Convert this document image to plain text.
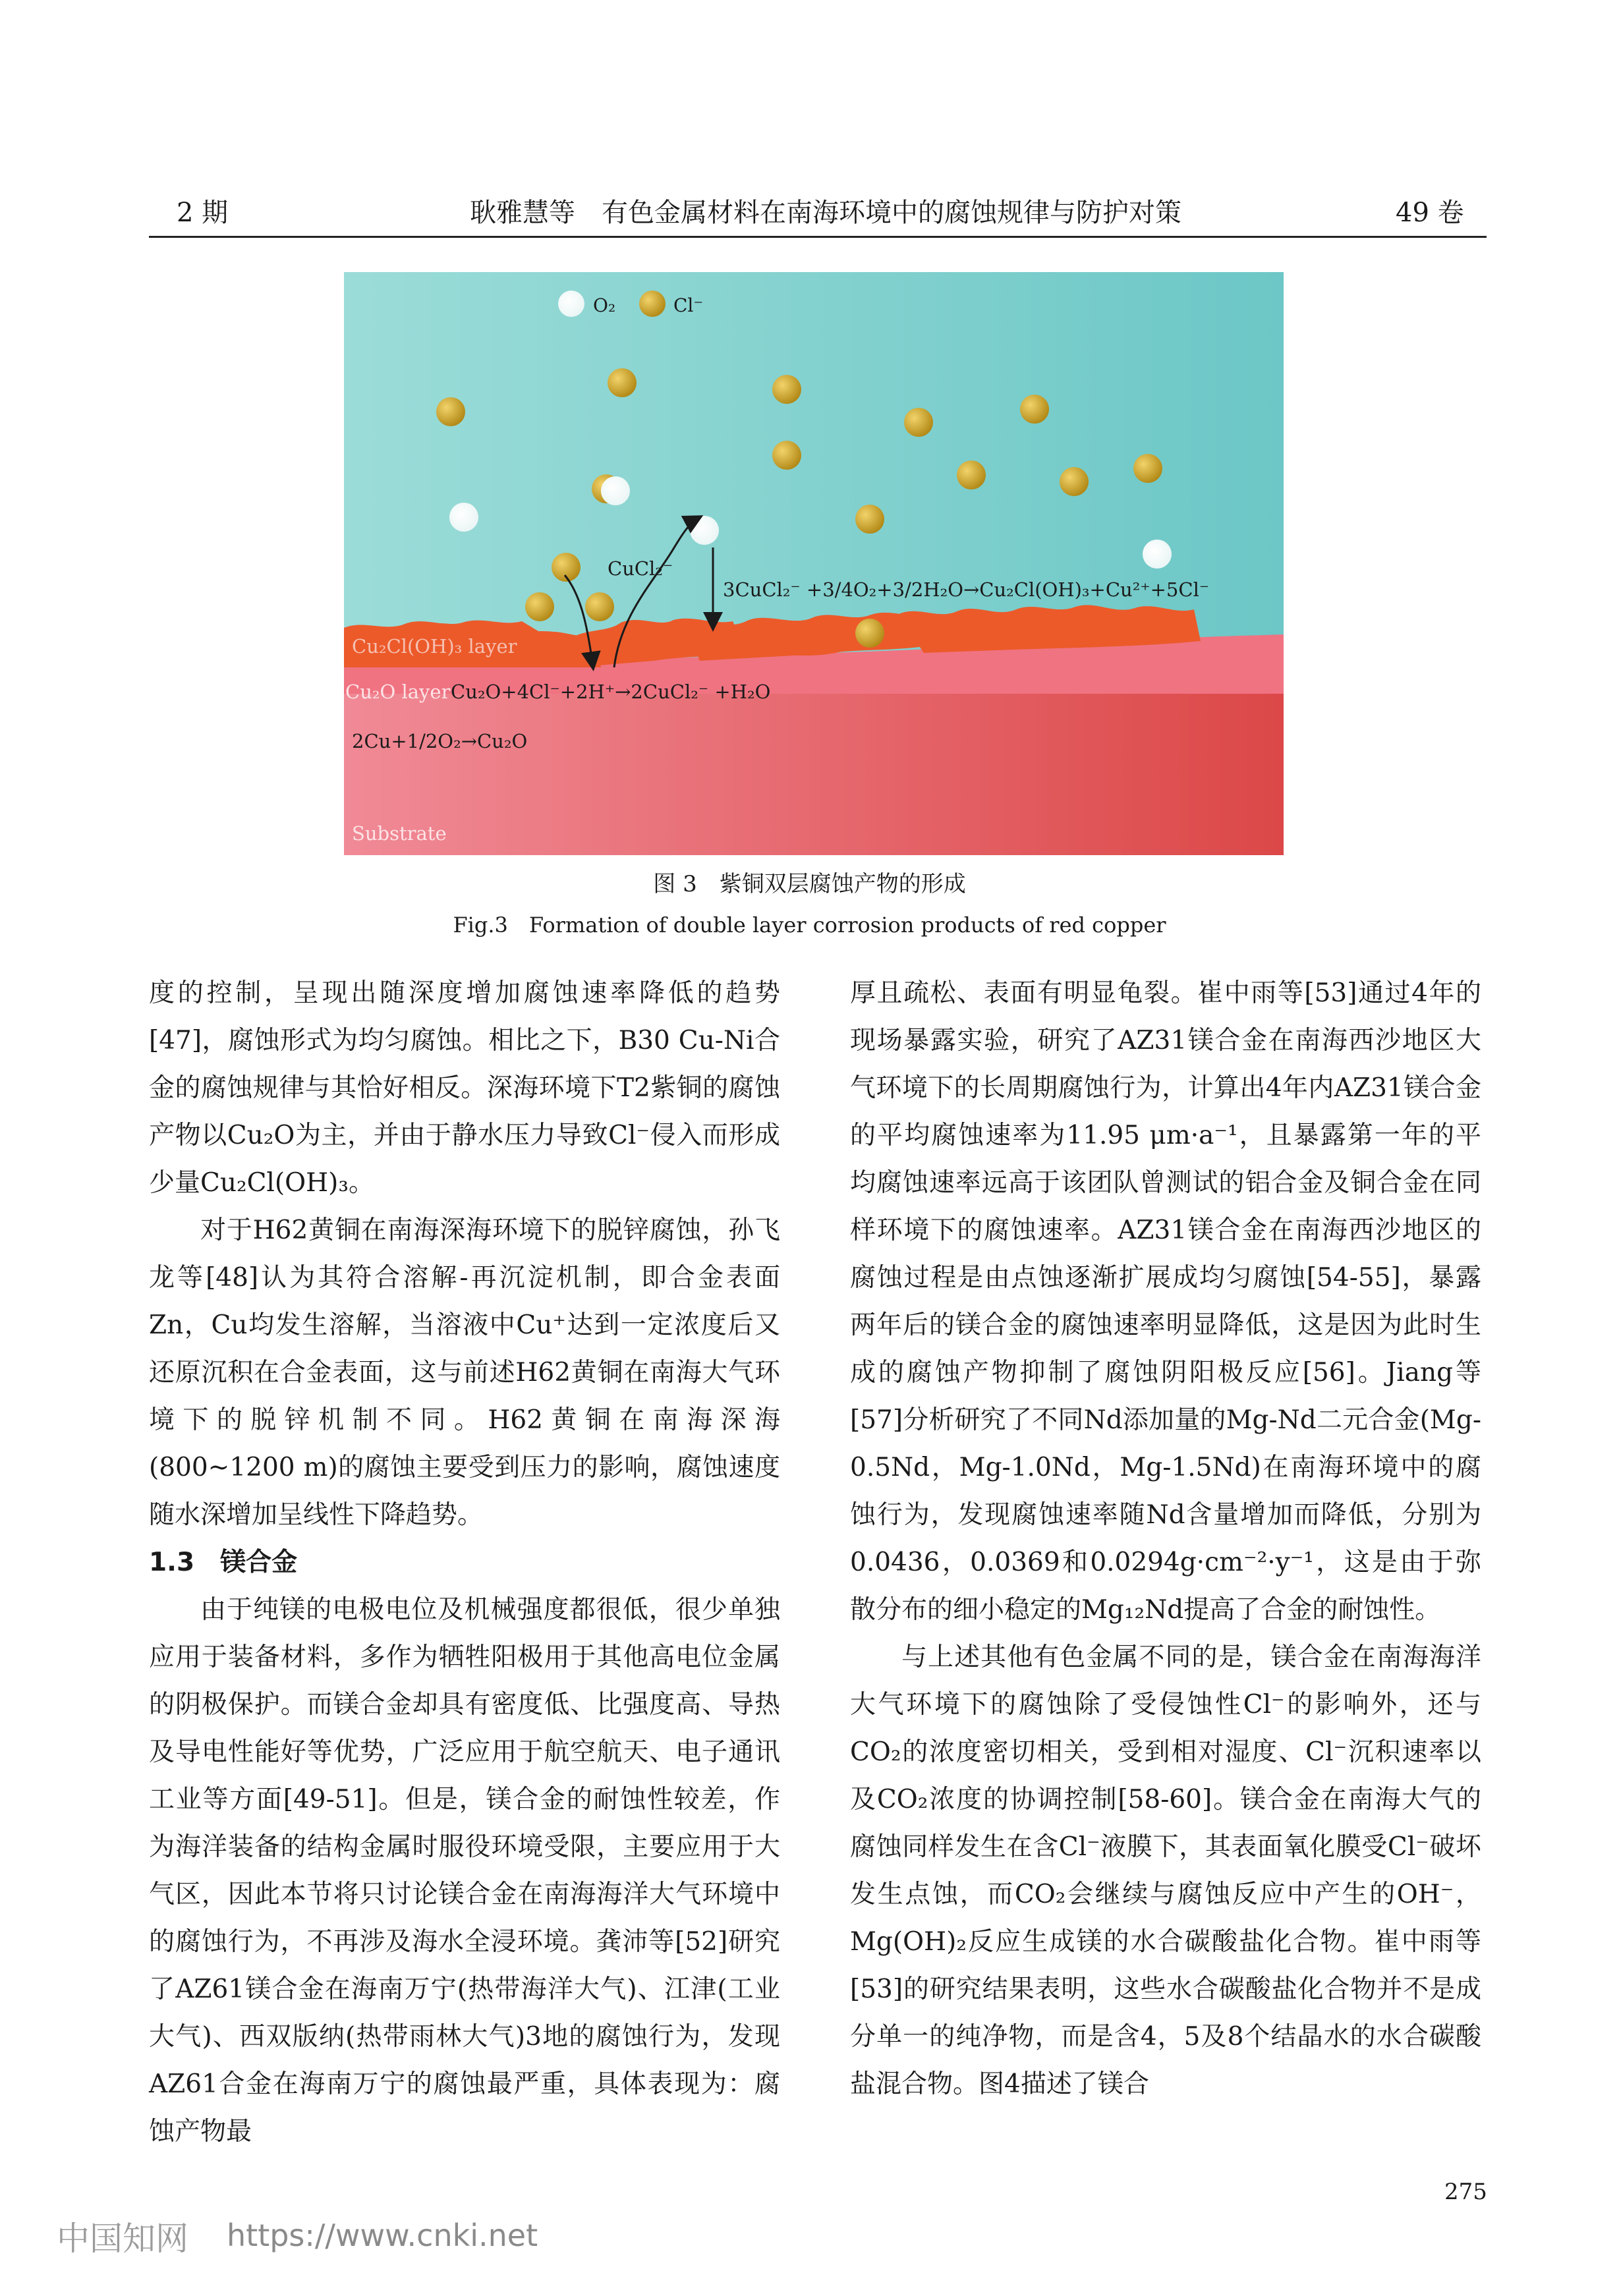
2 期	耿雅慧等　有色金属材料在南海环境中的腐蚀规律与防护对策	49 卷
O₂	Cl⁻
CuCl₂⁻
3CuCl₂⁻ +3/4O₂+3/2H₂O→Cu₂Cl(OH)₃+Cu²⁺+5Cl⁻
Cu₂Cl(OH)₃ layer
Cu₂O layer Cu₂O+4Cl⁻+2H⁺→2CuCl₂⁻ +H₂O
2Cu+1/2O₂→Cu₂O
Substrate
图 3　紫铜双层腐蚀产物的形成
Fig.3　Formation of double layer corrosion products of red copper

度的控制，呈现出随深度增加腐蚀速率降低的趋势[47]，腐蚀形式为均匀腐蚀。相比之下，B30 Cu-Ni合金的腐蚀规律与其恰好相反。深海环境下T2紫铜的腐蚀产物以Cu₂O为主，并由于静水压力导致Cl⁻侵入而形成少量Cu₂Cl(OH)₃。

对于H62黄铜在南海深海环境下的脱锌腐蚀，孙飞龙等[48]认为其符合溶解-再沉淀机制，即合金表面Zn，Cu均发生溶解，当溶液中Cu⁺达到一定浓度后又还原沉积在合金表面，这与前述H62黄铜在南海大气环境下的脱锌机制不同。H62黄铜在南海深海(800~1200 m)的腐蚀主要受到压力的影响，腐蚀速度随水深增加呈线性下降趋势。

1.3　镁合金

由于纯镁的电极电位及机械强度都很低，很少单独应用于装备材料，多作为牺牲阳极用于其他高电位金属的阴极保护。而镁合金却具有密度低、比强度高、导热及导电性能好等优势，广泛应用于航空航天、电子通讯工业等方面[49-51]。但是，镁合金的耐蚀性较差，作为海洋装备的结构金属时服役环境受限，主要应用于大气区，因此本节将只讨论镁合金在南海海洋大气环境中的腐蚀行为，不再涉及海水全浸环境。龚沛等[52]研究了AZ61镁合金在海南万宁(热带海洋大气)、江津(工业大气)、西双版纳(热带雨林大气)3地的腐蚀行为，发现AZ61合金在海南万宁的腐蚀最严重，具体表现为：腐蚀产物最

厚且疏松、表面有明显龟裂。崔中雨等[53]通过4年的现场暴露实验，研究了AZ31镁合金在南海西沙地区大气环境下的长周期腐蚀行为，计算出4年内AZ31镁合金的平均腐蚀速率为11.95 μm·a⁻¹，且暴露第一年的平均腐蚀速率远高于该团队曾测试的铝合金及铜合金在同样环境下的腐蚀速率。AZ31镁合金在南海西沙地区的腐蚀过程是由点蚀逐渐扩展成均匀腐蚀[54-55]，暴露两年后的镁合金的腐蚀速率明显降低，这是因为此时生成的腐蚀产物抑制了腐蚀阴阳极反应[56]。Jiang等[57]分析研究了不同Nd添加量的Mg-Nd二元合金(Mg-0.5Nd，Mg-1.0Nd，Mg-1.5Nd)在南海环境中的腐蚀行为，发现腐蚀速率随Nd含量增加而降低，分别为0.0436，0.0369和0.0294g·cm⁻²·y⁻¹，这是由于弥散分布的细小稳定的Mg₁₂Nd提高了合金的耐蚀性。

与上述其他有色金属不同的是，镁合金在南海海洋大气环境下的腐蚀除了受侵蚀性Cl⁻的影响外，还与CO₂的浓度密切相关，受到相对湿度、Cl⁻沉积速率以及CO₂浓度的协调控制[58-60]。镁合金在南海大气的腐蚀同样发生在含Cl⁻液膜下，其表面氧化膜受Cl⁻破坏发生点蚀，而CO₂会继续与腐蚀反应中产生的OH⁻，Mg(OH)₂反应生成镁的水合碳酸盐化合物。崔中雨等[53]的研究结果表明，这些水合碳酸盐化合物并不是成分单一的纯净物，而是含4，5及8个结晶水的水合碳酸盐混合物。图4描述了镁合

275
中国知网 https://www.cnki.net
